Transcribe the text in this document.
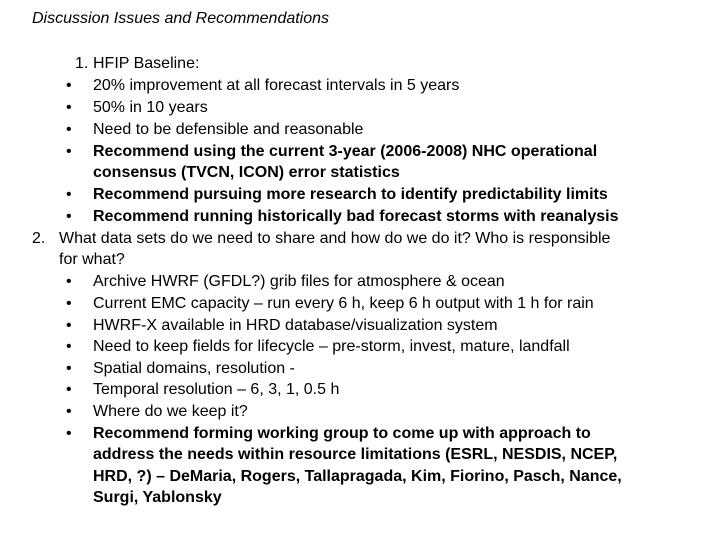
Discussion Issues and Recommendations
1. HFIP Baseline:
• 20% improvement at all forecast intervals in 5 years
• 50% in 10 years
• Need to be defensible and reasonable
• Recommend using the current 3-year (2006-2008) NHC operational
consensus (TVCN, ICON) error statistics
• Recommend pursuing more research to identify predictability limits
• Recommend running historically bad forecast storms with reanalysis
2. What data sets do we need to share and how do we do it? Who is responsible
for what?
• Archive HWRF (GFDL?) grib files for atmosphere & ocean
• Current EMC capacity – run every 6 h, keep 6 h output with 1 h for rain
• HWRF-X available in HRD database/visualization system
• Need to keep fields for lifecycle – pre-storm, invest, mature, landfall
• Spatial domains, resolution -
• Temporal resolution – 6, 3, 1, 0.5 h
• Where do we keep it?
• Recommend forming working group to come up with approach to
address the needs within resource limitations (ESRL, NESDIS, NCEP,
HRD, ?) – DeMaria, Rogers, Tallapragada, Kim, Fiorino, Pasch, Nance,
Surgi, Yablonsky
